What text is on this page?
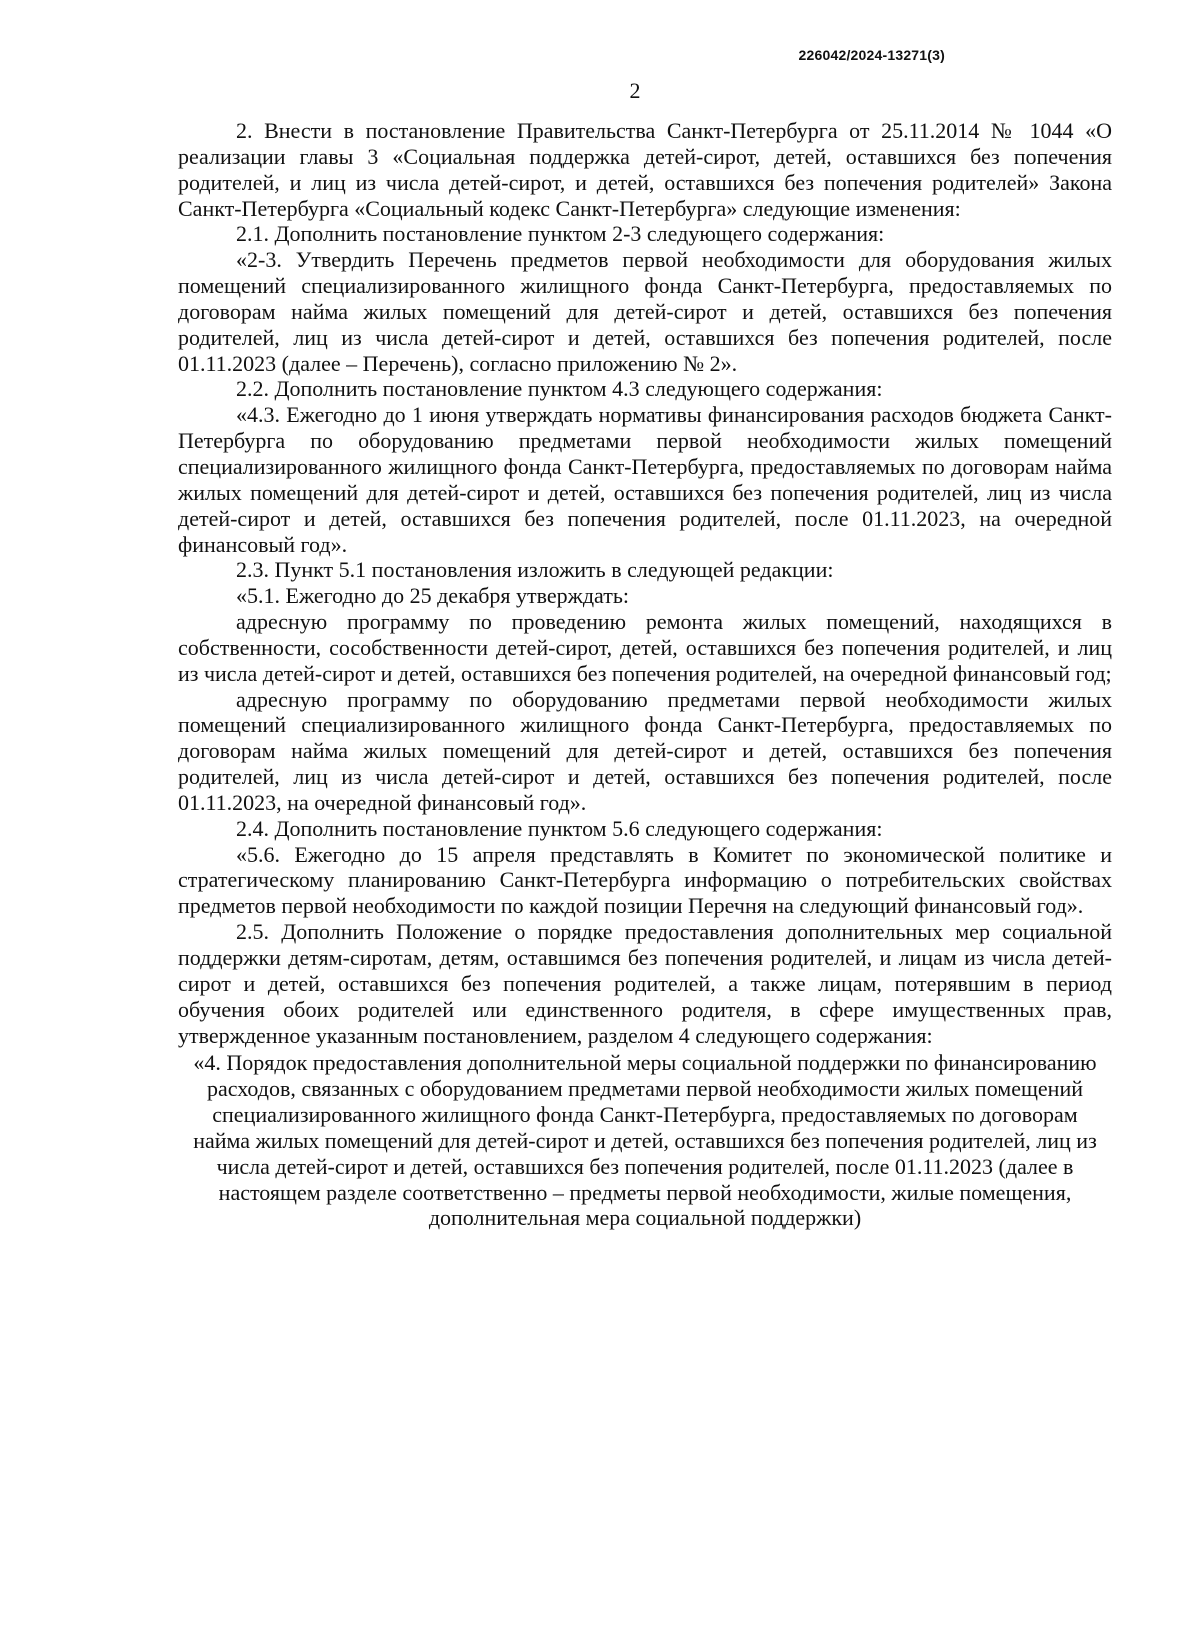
226042/2024-13271(3)
2

2. Внести в постановление Правительства Санкт-Петербурга от 25.11.2014 № 1044 «О реализации главы 3 «Социальная поддержка детей-сирот, детей, оставшихся без попечения родителей, и лиц из числа детей-сирот, и детей, оставшихся без попечения родителей» Закона Санкт-Петербурга «Социальный кодекс Санкт-Петербурга» следующие изменения:

2.1. Дополнить постановление пунктом 2-3 следующего содержания:

«2-3. Утвердить Перечень предметов первой необходимости для оборудования жилых помещений специализированного жилищного фонда Санкт-Петербурга, предоставляемых по договорам найма жилых помещений для детей-сирот и детей, оставшихся без попечения родителей, лиц из числа детей-сирот и детей, оставшихся без попечения родителей, после 01.11.2023 (далее – Перечень), согласно приложению № 2».

2.2. Дополнить постановление пунктом 4.3 следующего содержания:

«4.3. Ежегодно до 1 июня утверждать нормативы финансирования расходов бюджета Санкт-Петербурга по оборудованию предметами первой необходимости жилых помещений специализированного жилищного фонда Санкт-Петербурга, предоставляемых по договорам найма жилых помещений для детей-сирот и детей, оставшихся без попечения родителей, лиц из числа детей-сирот и детей, оставшихся без попечения родителей, после 01.11.2023, на очередной финансовый год».

2.3. Пункт 5.1 постановления изложить в следующей редакции:

«5.1. Ежегодно до 25 декабря утверждать:

адресную программу по проведению ремонта жилых помещений, находящихся в собственности, сособственности детей-сирот, детей, оставшихся без попечения родителей, и лиц из числа детей-сирот и детей, оставшихся без попечения родителей, на очередной финансовый год;

адресную программу по оборудованию предметами первой необходимости жилых помещений специализированного жилищного фонда Санкт-Петербурга, предоставляемых по договорам найма жилых помещений для детей-сирот и детей, оставшихся без попечения родителей, лиц из числа детей-сирот и детей, оставшихся без попечения родителей, после 01.11.2023, на очередной финансовый год».

2.4. Дополнить постановление пунктом 5.6 следующего содержания:

«5.6. Ежегодно до 15 апреля представлять в Комитет по экономической политике и стратегическому планированию Санкт-Петербурга информацию о потребительских свойствах предметов первой необходимости по каждой позиции Перечня на следующий финансовый год».

2.5. Дополнить Положение о порядке предоставления дополнительных мер социальной поддержки детям-сиротам, детям, оставшимся без попечения родителей, и лицам из числа детей-сирот и детей, оставшихся без попечения родителей, а также лицам, потерявшим в период обучения обоих родителей или единственного родителя, в сфере имущественных прав, утвержденное указанным постановлением, разделом 4 следующего содержания:

«4. Порядок предоставления дополнительной меры социальной поддержки по финансированию расходов, связанных с оборудованием предметами первой необходимости жилых помещений специализированного жилищного фонда Санкт-Петербурга, предоставляемых по договорам найма жилых помещений для детей-сирот и детей, оставшихся без попечения родителей, лиц из числа детей-сирот и детей, оставшихся без попечения родителей, после 01.11.2023 (далее в настоящем разделе соответственно – предметы первой необходимости, жилые помещения, дополнительная мера социальной поддержки)
